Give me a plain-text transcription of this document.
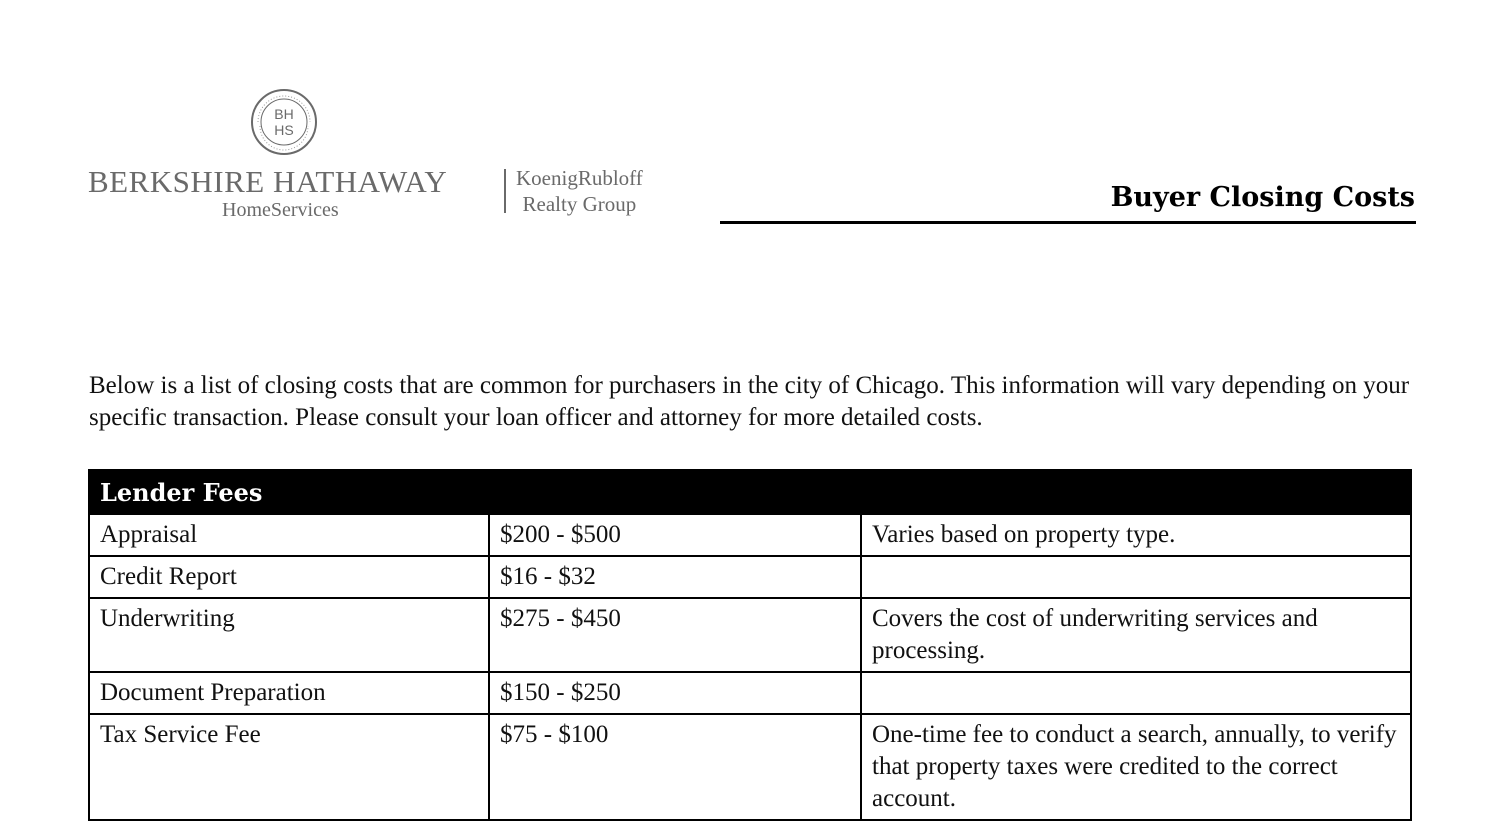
BH
HS
BERKSHIRE HATHAWAY
HomeServices
KoenigRubloff
Realty Group	Buyer Closing Costs
Below is a list of closing costs that are common for purchasers in the city of Chicago. This information will vary depending on your specific transaction. Please consult your loan officer and attorney for more detailed costs.
Lender Fees		
Appraisal	$200 - $500	Varies based on property type.
Credit Report	$16 - $32	
Underwriting	$275 - $450	Covers the cost of underwriting services and processing.
Document Preparation	$150 - $250	
Tax Service Fee	$75 - $100	One-time fee to conduct a search, annually, to verify that property taxes were credited to the correct account.
